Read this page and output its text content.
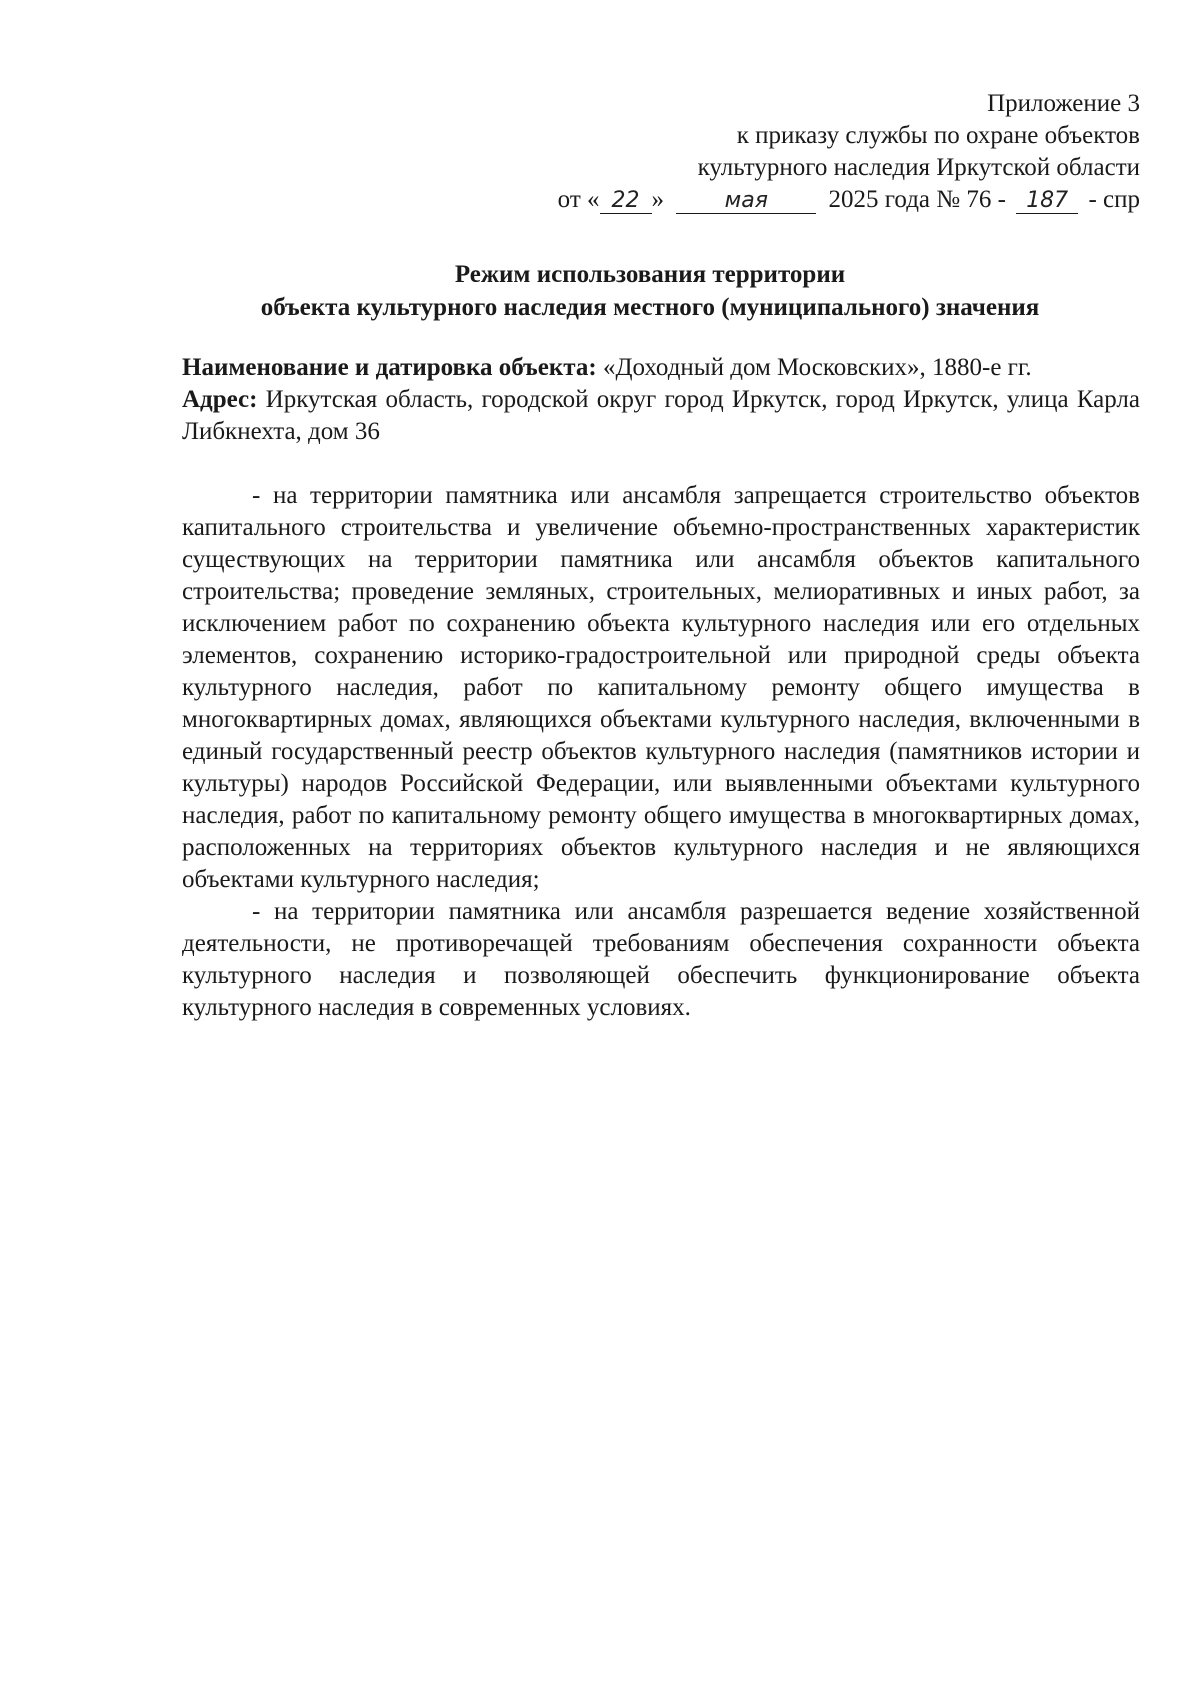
Приложение 3
к приказу службы по охране объектов
культурного наследия Иркутской области
от « 22 »	мая 2025 года № 76 - 187 - спр
Режим использования территории
объекта культурного наследия местного (муниципального) значения
Наименование и датировка объекта: «Доходный дом Московских», 1880-е гг.
Адрес: Иркутская область, городской округ город Иркутск, город Иркутск, улица Карла Либкнехта, дом 36

- на территории памятника или ансамбля запрещается строительство объектов капитального строительства и увеличение объемно-пространственных характеристик существующих на территории памятника или ансамбля объектов капитального строительства; проведение земляных, строительных, мелиоративных и иных работ, за исключением работ по сохранению объекта культурного наследия или его отдельных элементов, сохранению историко-градостроительной или природной среды объекта культурного наследия, работ по капитальному ремонту общего имущества в многоквартирных домах, являющихся объектами культурного наследия, включенными в единый государственный реестр объектов культурного наследия (памятников истории и культуры) народов Российской Федерации, или выявленными объектами культурного наследия, работ по капитальному ремонту общего имущества в многоквартирных домах, расположенных на территориях объектов культурного наследия и не являющихся объектами культурного наследия;

- на территории памятника или ансамбля разрешается ведение хозяйственной деятельности, не противоречащей требованиям обеспечения сохранности объекта культурного наследия и позволяющей обеспечить функционирование объекта культурного наследия в современных условиях.
